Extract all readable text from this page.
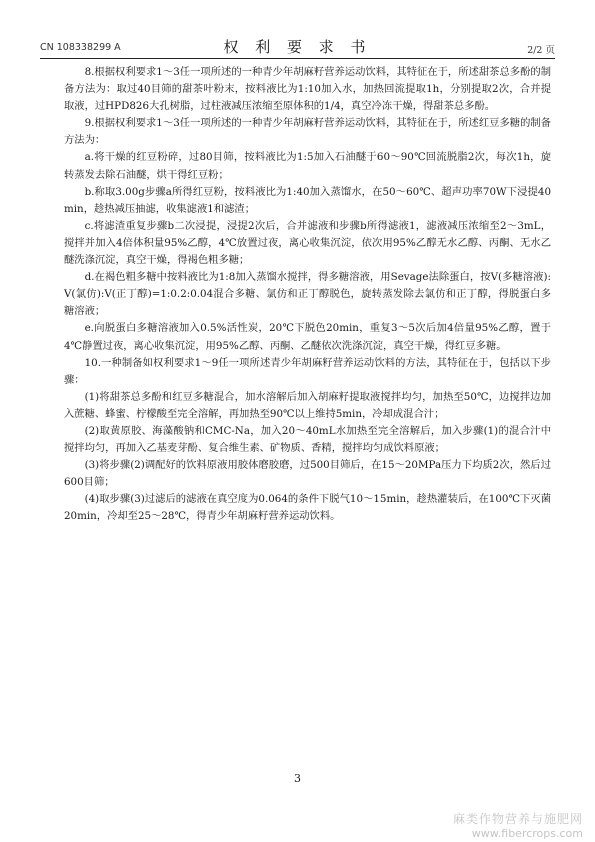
CN 108338299 A	权 利 要 求 书	2/2 页

8.根据权利要求1～3任一项所述的一种青少年胡麻籽营养运动饮料，其特征在于，所述甜茶总多酚的制备方法为：取过40目筛的甜茶叶粉末，按料液比为1:10加入水，加热回流提取1h，分别提取2次，合并提取液，过HPD826大孔树脂，过柱液减压浓缩至原体积的1/4，真空冷冻干燥，得甜茶总多酚。

9.根据权利要求1～3任一项所述的一种青少年胡麻籽营养运动饮料，其特征在于，所述红豆多糖的制备方法为：

a.将干燥的红豆粉碎，过80目筛，按料液比为1:5加入石油醚于60～90℃回流脱脂2次，每次1h，旋转蒸发去除石油醚，烘干得红豆粉；

b.称取3.00g步骤a所得红豆粉，按料液比为1:40加入蒸馏水，在50～60℃、超声功率70W下浸提40min，趁热减压抽滤，收集滤液1和滤渣；

c.将滤渣重复步骤b二次浸提，浸提2次后，合并滤液和步骤b所得滤液1，滤液减压浓缩至2～3mL，搅拌并加入4倍体积量95%乙醇，4℃放置过夜，离心收集沉淀，依次用95%乙醇无水乙醇、丙酮、无水乙醚洗涤沉淀，真空干燥，得褐色粗多糖；

d.在褐色粗多糖中按料液比为1:8加入蒸馏水搅拌，得多糖溶液，用Sevage法除蛋白，按V(多糖溶液):V(氯仿):V(正丁醇)=1:0.2:0.04混合多糖、氯仿和正丁醇脱色，旋转蒸发除去氯仿和正丁醇，得脱蛋白多糖溶液；

e.向脱蛋白多糖溶液加入0.5%活性炭，20℃下脱色20min，重复3～5次后加4倍量95%乙醇，置于4℃静置过夜，离心收集沉淀，用95%乙醇、丙酮、乙醚依次洗涤沉淀，真空干燥，得红豆多糖。

10.一种制备如权利要求1～9任一项所述青少年胡麻籽营养运动饮料的方法，其特征在于，包括以下步骤：

(1)将甜茶总多酚和红豆多糖混合，加水溶解后加入胡麻籽提取液搅拌均匀，加热至50℃，边搅拌边加入蔗糖、蜂蜜、柠檬酸至完全溶解，再加热至90℃以上维持5min，冷却成混合汁；

(2)取黄原胶、海藻酸钠和CMC-Na，加入20～40mL水加热至完全溶解后，加入步骤(1)的混合汁中搅拌均匀，再加入乙基麦芽酚、复合维生素、矿物质、香精，搅拌均匀成饮料原液；

(3)将步骤(2)调配好的饮料原液用胶体磨胶磨，过500目筛后，在15～20MPa压力下均质2次，然后过600目筛；

(4)取步骤(3)过滤后的滤液在真空度为0.064的条件下脱气10～15min，趁热灌装后，在100℃下灭菌20min，冷却至25～28℃，得青少年胡麻籽营养运动饮料。

3
麻类作物营养与施肥网
www.fibercrops.com
